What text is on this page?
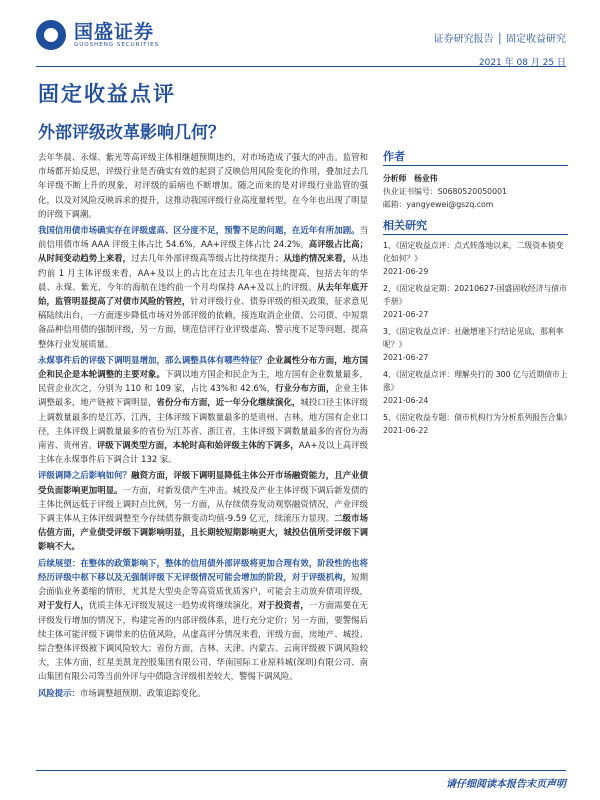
国盛证券
GUOSHENG SECURITIES	证券研究报告 │ 固定收益研究
2021 年 08 月 25 日
固定收益点评
外部评级改革影响几何？

去年华晨、永煤、紫光等高评级主体相继超预期违约，对市场造成了强大的冲击。监管和市场都开始反思，评级行业是否确实有效的起到了反映信用风险变化的作用，叠加过去几年评级不断上升的现象，对评级的诟病也不断增加。随之而来的是对评级行业监管的强化，以及对风险反映诉求的提升，这推动我国评级行业高度量转型，在今年也出现了明显的评级下调潮。

我国信用债市场确实存在评级虚高、区分度不足，预警不足的问题，在近年有所加剧。当前信用债市场 AAA 评级主体占比 54.6%，AA+评级主体占比 24.2%。高评级占比高；从时间变动趋势上来看，过去几年外部评级高等级占比持续提升；从违约情况来看，从违约前 1 月主体评级来看，AA+及以上的占比在过去几年也在持续提高，包括去年的华晨、永煤、紫光，今年的海航在违约前一个月均保持 AA+及以上的评级。从去年年底开始，监管明显提高了对债市风险的管控，针对评级行业、债券评级的相关政策，征求意见稿陆续出台，一方面逐步降低市场对外部评级的依赖，接连取消企业债、公司债、中短票备品种信用债的强制评级，另一方面，规范信评行业评级虚高、警示度不足等问题，提高整体行业发展质量。

永煤事件后的评级下调明显增加，那么调整具体有哪些特征？企业属性分布方面，地方国企和民企是本轮调整的主要对象。下调以地方国企和民企为主，地方国有企业数量最多，民营企业次之，分别为 110 和 109 家，占比 43%和 42.6%，行业分布方面，企业主体调整最多，地产链被下调明显，省份分布方面，近一年分化继续演化，城投口径主体评级上调数量最多的是江苏、江西，主体评级下调数量最多的是贵州、吉林。地方国有企业口径，主体评级上调数量最多的省份为江苏省、浙江省，主体评级下调数量最多的省份为海南省、贵州省。评级下调类型方面，本轮时高和始评级主体的下调多，AA+及以上高评级主体在永煤事件后下调合计 132 家。

评级调降之后影响如何？融资方面，评级下调明显降低主体公开市场融资能力，且产业债受负面影响更加明显。一方面，对新发债产生冲击。城投及产业主体评级下调后新发债的主体比例远低于评级上调时点比例，另一方面，从存续债券发动观察融资情况，产业评级下调主体从主体评级调整至今存续债券额变动均值-9.59 亿元，续滚压力显现。二级市场估值方面，产业债受评级下调影响明显，且长期较短期影响更大，城投估值所受评级下调影响不大。

后续展望：在整体的政策影响下，整体的信用债外部评级将更加合理有效，阶段性的也将经历评级中枢下移以及无强制评级下无评级情况可能会增加的阶段，对于评级机构，短期会面临业务萎缩的情形，尤其是大型央企等高资质优质客户，可能会主动放弃债项评级，对于发行人，优质主体无评级发展这一趋势或将继续演化，对于投资者，一方面需要在无评级发行增加的情况下，构建完善的内部评级体系，进行充分定价；另一方面，要警惕后续主体可能评级下调带来的估值风险，从虚高评分情况来看，评级方面，房地产、城投、综合整体评级被下调风险较大；省份方面，吉林、天津、内蒙古、云南评级被下调风险较大，主体方面，红星美凯龙控股集团有限公司、华南国际工业原料城(深圳)有限公司、南山集团有限公司等当前外评与中债隐含评级相差较大，警惕下调风险。

风险提示：市场调整超预期、政策追踪变化。

作者
分析师　杨业伟
执业证书编号：S0680520050001
邮箱：yangyewei@gszq.com
相关研究
1、《固定收益点评：点式转落地以来，二级资本债变化如何？》
2021-06-29
2、《固定收益定期：20210627-国盛固收经济与债市手册》
2021-06-27
3、《固定收益点评：社融增速下行结论见底，那利率呢？》
2021-06-27
4、《固定收益点评：理解央行的 300 亿与近期债市上涨》
2021-06-24
5、《固定收益专题：债市机构行为分析系列报告合集》
2021-06-22
请仔细阅读本报告末页声明
